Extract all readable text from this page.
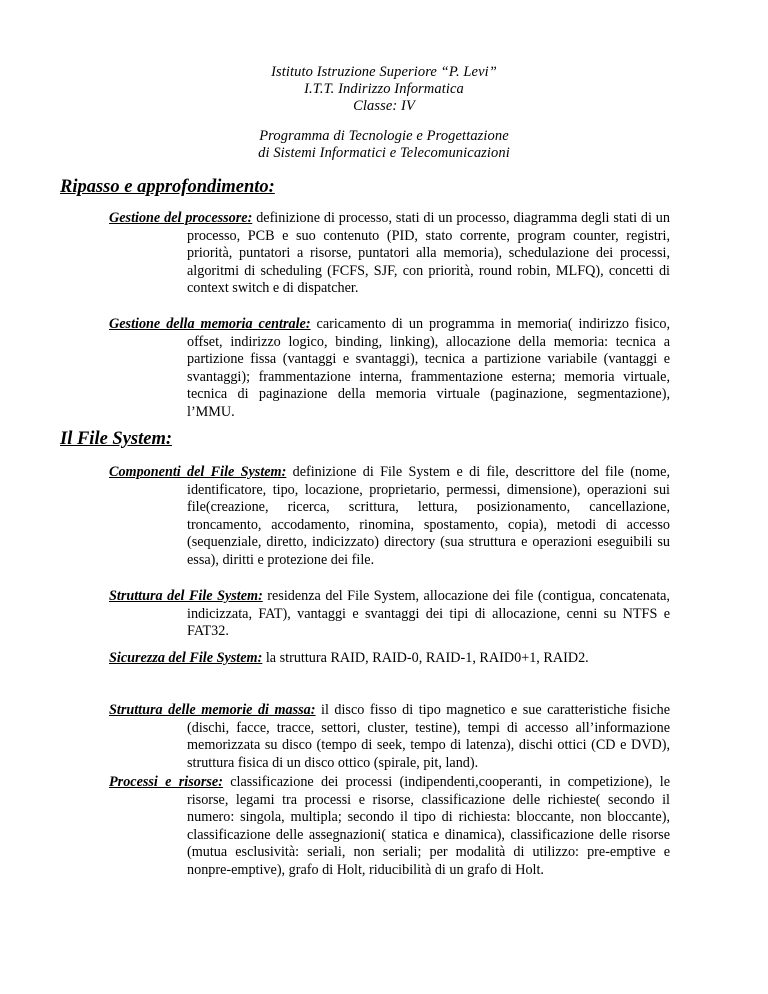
Istituto Istruzione Superiore “P. Levi”
I.T.T. Indirizzo Informatica
Classe: IV
Programma di Tecnologie e Progettazione
di Sistemi Informatici e Telecomunicazioni
Ripasso e approfondimento:

Gestione del processore: definizione di processo, stati di un processo, diagramma degli stati di un processo, PCB e suo contenuto (PID, stato corrente, program counter, registri, priorità, puntatori a risorse, puntatori alla memoria), schedulazione dei processi, algoritmi di scheduling (FCFS, SJF, con priorità, round robin, MLFQ), concetti di context switch e di dispatcher.

Gestione della memoria centrale: caricamento di un programma in memoria( indirizzo fisico, offset, indirizzo logico, binding, linking), allocazione della memoria: tecnica a partizione fissa (vantaggi e svantaggi), tecnica a partizione variabile (vantaggi e svantaggi); frammentazione interna, frammentazione esterna; memoria virtuale, tecnica di paginazione della memoria virtuale (paginazione, segmentazione), l’MMU.

Il File System:

Componenti del File System: definizione di File System e di file, descrittore del file (nome, identificatore, tipo, locazione, proprietario, permessi, dimensione), operazioni sui file(creazione, ricerca, scrittura, lettura, posizionamento, cancellazione, troncamento, accodamento, rinomina, spostamento, copia), metodi di accesso (sequenziale, diretto, indicizzato) directory (sua struttura e operazioni eseguibili su essa), diritti e protezione dei file.

Struttura del File System: residenza del File System, allocazione dei file (contigua, concatenata, indicizzata, FAT), vantaggi e svantaggi dei tipi di allocazione, cenni su NTFS e FAT32.

Sicurezza del File System: la struttura RAID, RAID-0, RAID-1, RAID0+1, RAID2.

Struttura delle memorie di massa: il disco fisso di tipo magnetico e sue caratteristiche fisiche (dischi, facce, tracce, settori, cluster, testine), tempi di accesso all’informazione memorizzata su disco (tempo di seek, tempo di latenza), dischi ottici (CD e DVD), struttura fisica di un disco ottico (spirale, pit, land).

Processi e risorse: classificazione dei processi (indipendenti,cooperanti, in competizione), le risorse, legami tra processi e risorse, classificazione delle richieste( secondo il numero: singola, multipla; secondo il tipo di richiesta: bloccante, non bloccante), classificazione delle assegnazioni( statica e dinamica), classificazione delle risorse (mutua esclusività: seriali, non seriali; per modalità di utilizzo: pre-emptive e nonpre-emptive), grafo di Holt, riducibilità di un grafo di Holt.
